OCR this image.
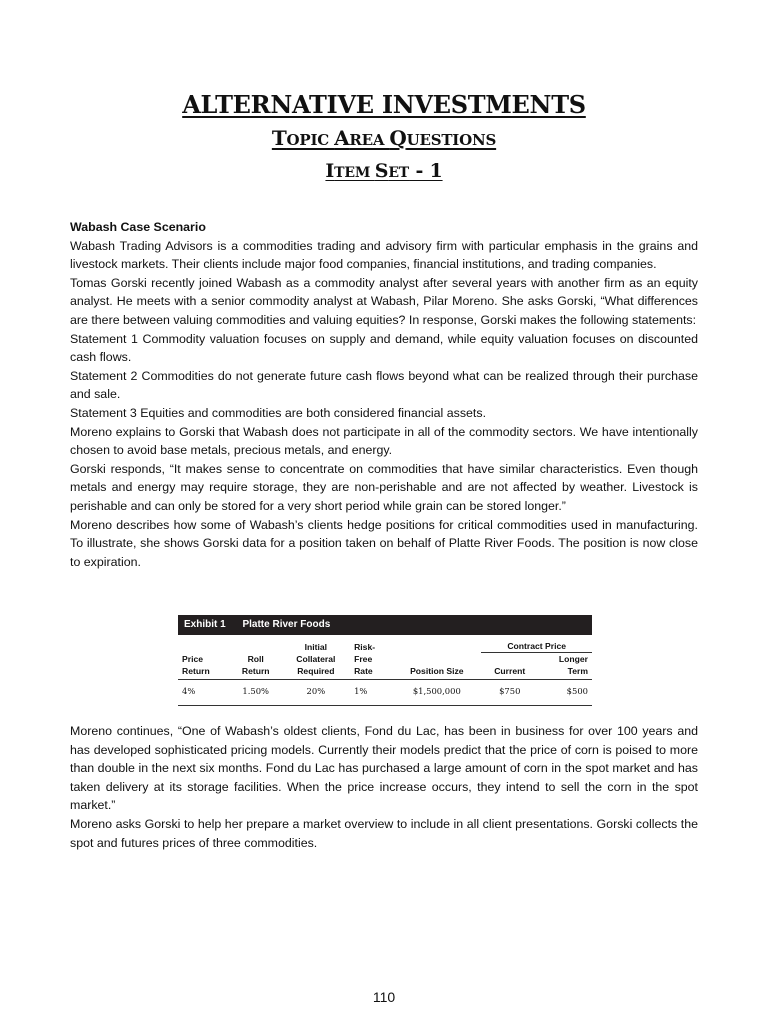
ALTERNATIVE INVESTMENTS
TOPIC AREA QUESTIONS
ITEM SET - 1

Wabash Case Scenario

Wabash Trading Advisors is a commodities trading and advisory firm with particular emphasis in the grains and livestock markets. Their clients include major food companies, financial institutions, and trading companies.

Tomas Gorski recently joined Wabash as a commodity analyst after several years with another firm as an equity analyst. He meets with a senior commodity analyst at Wabash, Pilar Moreno. She asks Gorski, “What differences are there between valuing commodities and valuing equities? In response, Gorski makes the following statements:

Statement 1 Commodity valuation focuses on supply and demand, while equity valuation focuses on discounted cash flows.

Statement 2 Commodities do not generate future cash flows beyond what can be realized through their purchase and sale.

Statement 3 Equities and commodities are both considered financial assets.

Moreno explains to Gorski that Wabash does not participate in all of the commodity sectors. We have intentionally chosen to avoid base metals, precious metals, and energy.

Gorski responds, “It makes sense to concentrate on commodities that have similar characteristics. Even though metals and energy may require storage, they are non-perishable and are not affected by weather. Livestock is perishable and can only be stored for a very short period while grain can be stored longer.”

Moreno describes how some of Wabash’s clients hedge positions for critical commodities used in manufacturing. To illustrate, she shows Gorski data for a position taken on behalf of Platte River Foods. The position is now close to expiration.

Exhibit 1 Platte River Foods
		Initial	Risk-		Contract Price	
Price	Roll	Collateral	Free			Longer
Return	Return	Required	Rate	Position Size	Current	Term
4%	1.50%	20%	1%	$1,500,000	$750	$500

Moreno continues, “One of Wabash’s oldest clients, Fond du Lac, has been in business for over 100 years and has developed sophisticated pricing models. Currently their models predict that the price of corn is poised to more than double in the next six months. Fond du Lac has purchased a large amount of corn in the spot market and has taken delivery at its storage facilities. When the price increase occurs, they intend to sell the corn in the spot market.”

Moreno asks Gorski to help her prepare a market overview to include in all client presentations. Gorski collects the spot and futures prices of three commodities.

110
